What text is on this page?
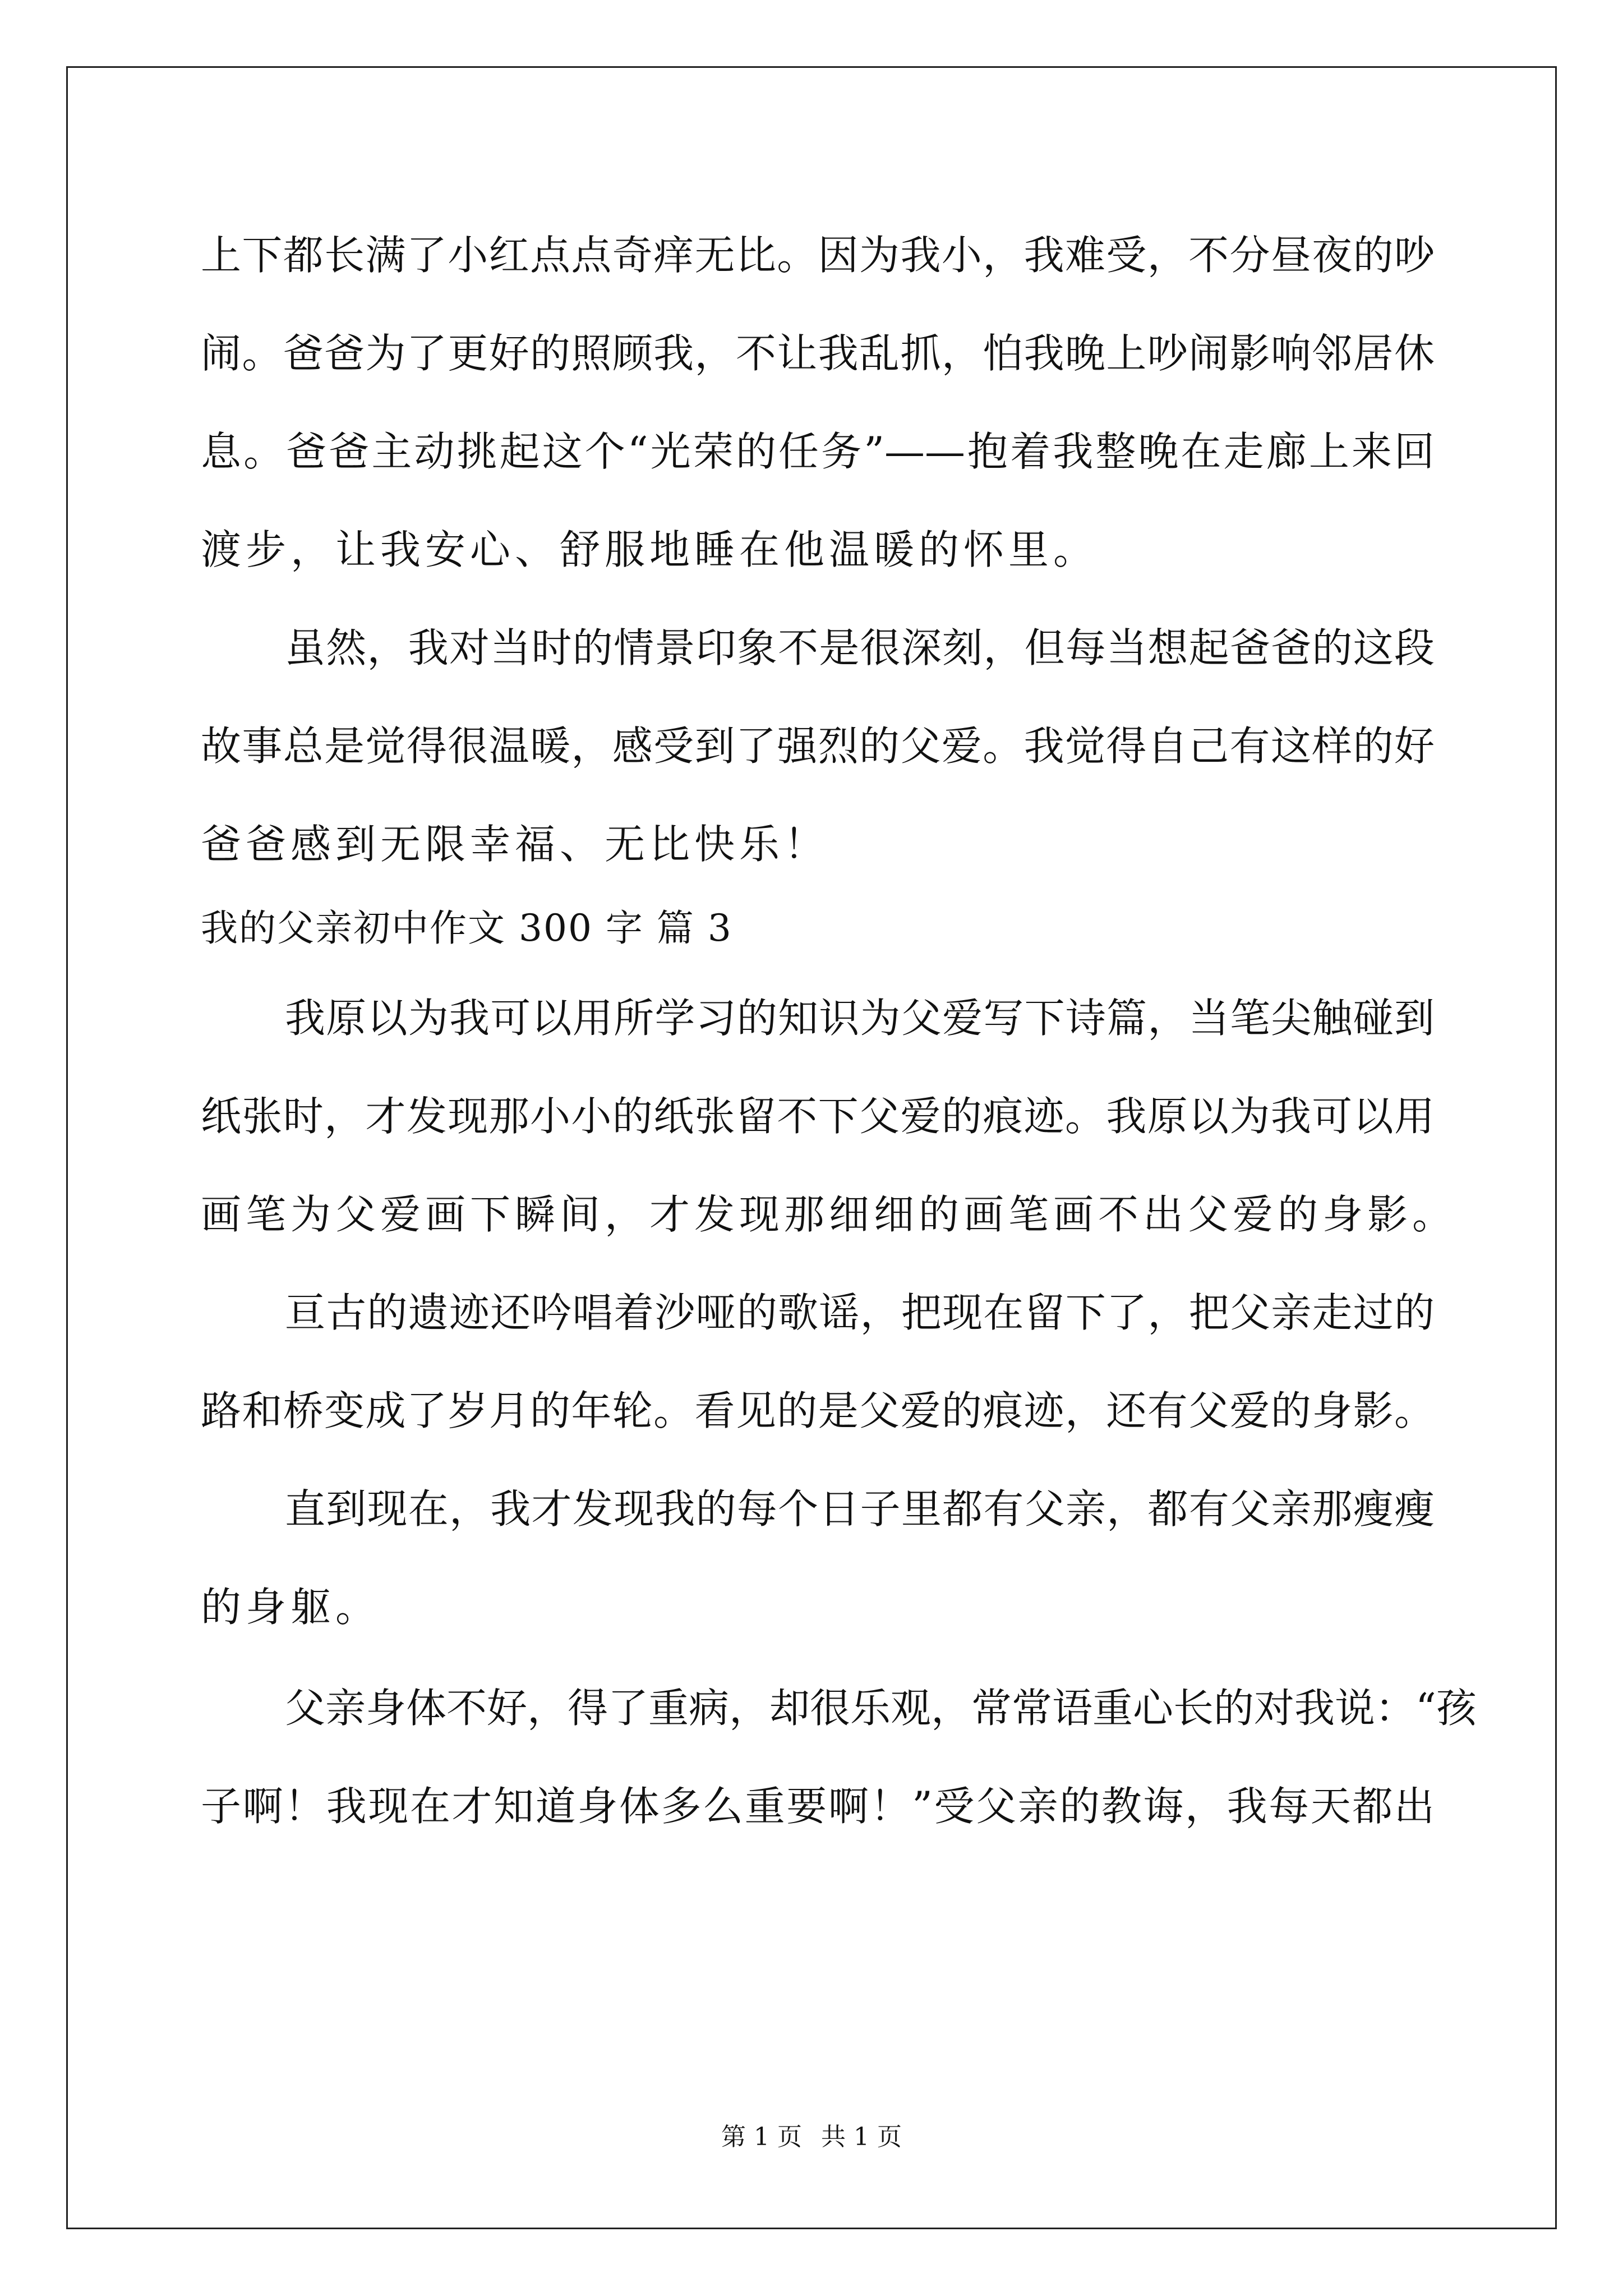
上下都长满了小红点点奇痒无比。因为我小，我难受，不分昼夜的吵
闹。爸爸为了更好的照顾我，不让我乱抓，怕我晚上吵闹影响邻居休
息。爸爸主动挑起这个“光荣的任务”——抱着我整晚在走廊上来回
渡步，让我安心、舒服地睡在他温暖的怀里。
虽然，我对当时的情景印象不是很深刻，但每当想起爸爸的这段
故事总是觉得很温暖，感受到了强烈的父爱。我觉得自己有这样的好
爸爸感到无限幸福、无比快乐！
我的父亲初中作文 300 字 篇 3
我原以为我可以用所学习的知识为父爱写下诗篇，当笔尖触碰到
纸张时，才发现那小小的纸张留不下父爱的痕迹。我原以为我可以用
画笔为父爱画下瞬间，才发现那细细的画笔画不出父爱的身影。
亘古的遗迹还吟唱着沙哑的歌谣，把现在留下了，把父亲走过的
路和桥变成了岁月的年轮。看见的是父爱的痕迹，还有父爱的身影。
直到现在，我才发现我的每个日子里都有父亲，都有父亲那瘦瘦
的身躯。
父亲身体不好，得了重病，却很乐观，常常语重心长的对我说：“孩
子啊！我现在才知道身体多么重要啊！”受父亲的教诲，我每天都出
第 1 页 共 1 页
